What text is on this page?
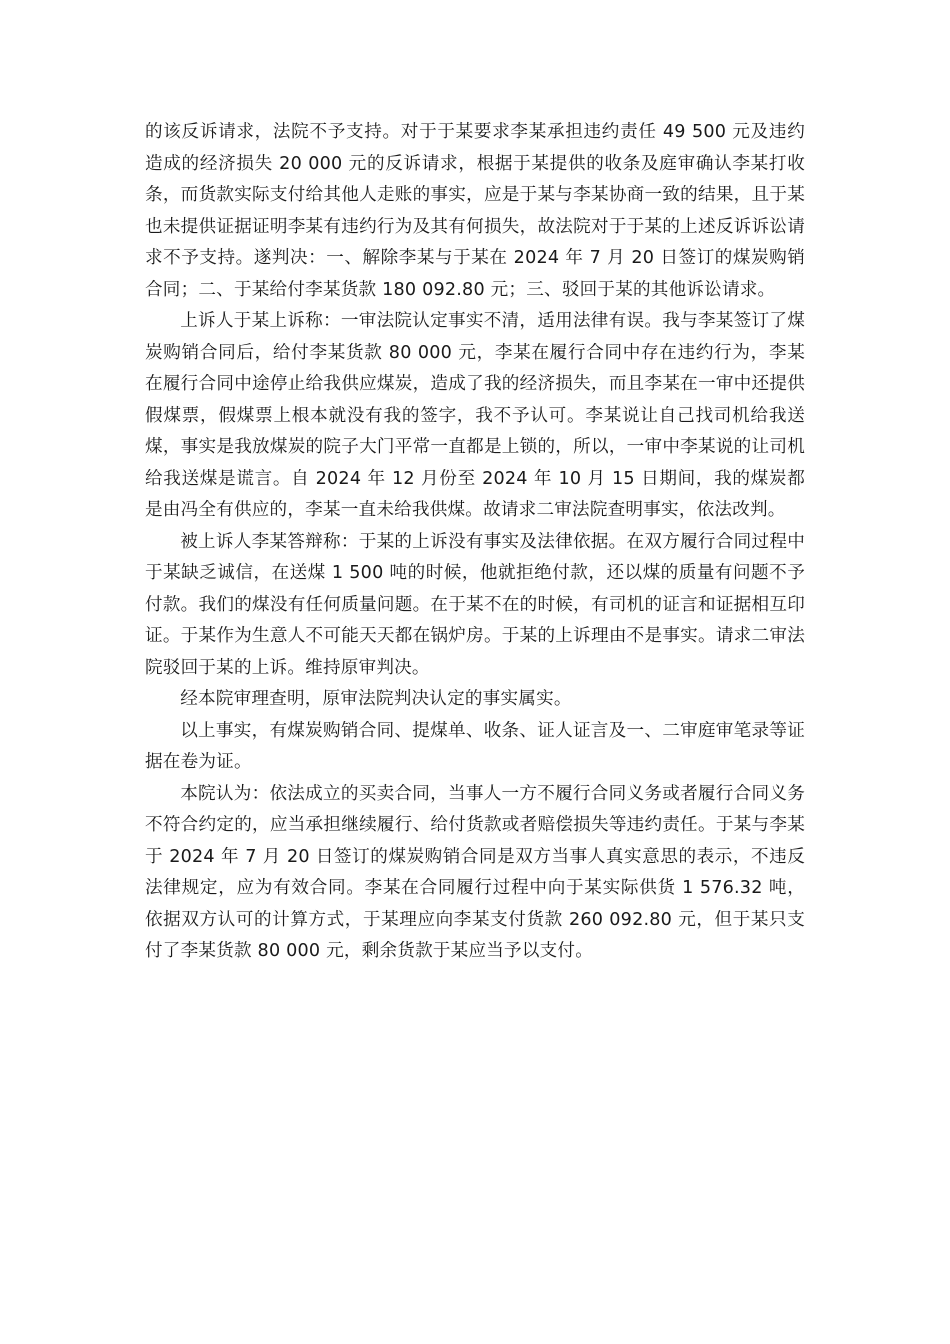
的该反诉请求，法院不予支持。对于于某要求李某承担违约责任 49 500 元及违约造成的经济损失 20 000 元的反诉请求，根据于某提供的收条及庭审确认李某打收条，而货款实际支付给其他人走账的事实，应是于某与李某协商一致的结果，且于某也未提供证据证明李某有违约行为及其有何损失，故法院对于于某的上述反诉诉讼请求不予支持。遂判决：一、解除李某与于某在 2024 年 7 月 20 日签订的煤炭购销合同；二、于某给付李某货款 180 092.80 元；三、驳回于某的其他诉讼请求。

上诉人于某上诉称：一审法院认定事实不清，适用法律有误。我与李某签订了煤炭购销合同后，给付李某货款 80 000 元，李某在履行合同中存在违约行为，李某在履行合同中途停止给我供应煤炭，造成了我的经济损失，而且李某在一审中还提供假煤票，假煤票上根本就没有我的签字，我不予认可。李某说让自己找司机给我送煤，事实是我放煤炭的院子大门平常一直都是上锁的，所以，一审中李某说的让司机给我送煤是谎言。自 2024 年 12 月份至 2024 年 10 月 15 日期间，我的煤炭都是由冯全有供应的，李某一直未给我供煤。故请求二审法院查明事实，依法改判。

被上诉人李某答辩称：于某的上诉没有事实及法律依据。在双方履行合同过程中于某缺乏诚信，在送煤 1 500 吨的时候，他就拒绝付款，还以煤的质量有问题不予付款。我们的煤没有任何质量问题。在于某不在的时候，有司机的证言和证据相互印证。于某作为生意人不可能天天都在锅炉房。于某的上诉理由不是事实。请求二审法院驳回于某的上诉。维持原审判决。

经本院审理查明，原审法院判决认定的事实属实。

以上事实，有煤炭购销合同、提煤单、收条、证人证言及一、二审庭审笔录等证据在卷为证。

本院认为：依法成立的买卖合同，当事人一方不履行合同义务或者履行合同义务不符合约定的，应当承担继续履行、给付货款或者赔偿损失等违约责任。于某与李某于 2024 年 7 月 20 日签订的煤炭购销合同是双方当事人真实意思的表示，不违反法律规定，应为有效合同。李某在合同履行过程中向于某实际供货 1 576.32 吨，依据双方认可的计算方式，于某理应向李某支付货款 260 092.80 元，但于某只支付了李某货款 80 000 元，剩余货款于某应当予以支付。
